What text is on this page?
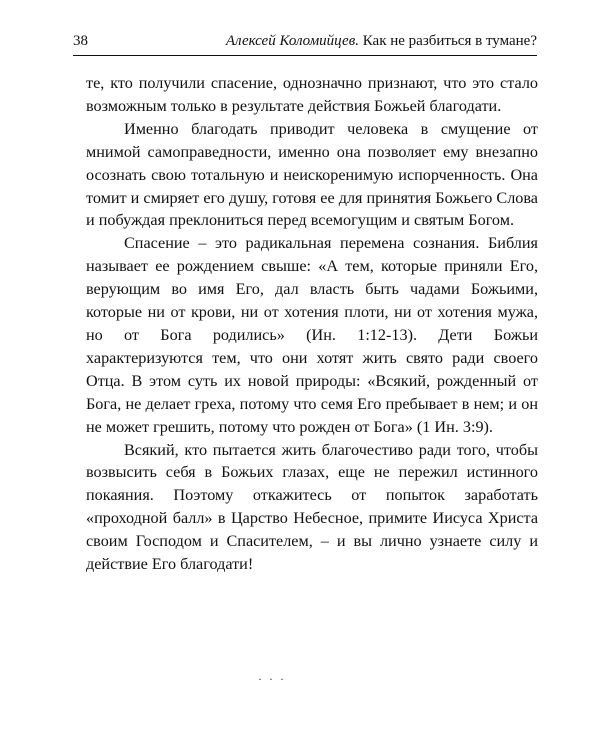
38	Алексей Коломийцев. Как не разбиться в тумане?

те, кто получили спасение, однозначно признают, что это стало возможным только в результате действия Божьей благодати.

Именно благодать приводит человека в смущение от мнимой самоправедности, именно она позволяет ему внезапно осознать свою тотальную и неискоренимую испорченность. Она томит и смиряет его душу, готовя ее для принятия Божьего Слова и побуждая преклониться перед всемогущим и святым Богом.

Спасение – это радикальная перемена сознания. Библия называет ее рождением свыше: «А тем, которые приняли Его, верующим во имя Его, дал власть быть чадами Божьими, которые ни от крови, ни от хотения плоти, ни от хотения мужа, но от Бога родились» (Ин. 1:12-13). Дети Божьи характеризуются тем, что они хотят жить свято ради своего Отца. В этом суть их новой природы: «Всякий, рожденный от Бога, не делает греха, потому что семя Его пребывает в нем; и он не может грешить, потому что рожден от Бога» (1 Ин. 3:9).

Всякий, кто пытается жить благочестиво ради того, чтобы возвысить себя в Божьих глазах, еще не пережил истинного покаяния. Поэтому откажитесь от попыток заработать «проходной балл» в Царство Небесное, примите Иисуса Христа своим Господом и Спасителем, – и вы лично узнаете силу и действие Его благодати!

· · ·
